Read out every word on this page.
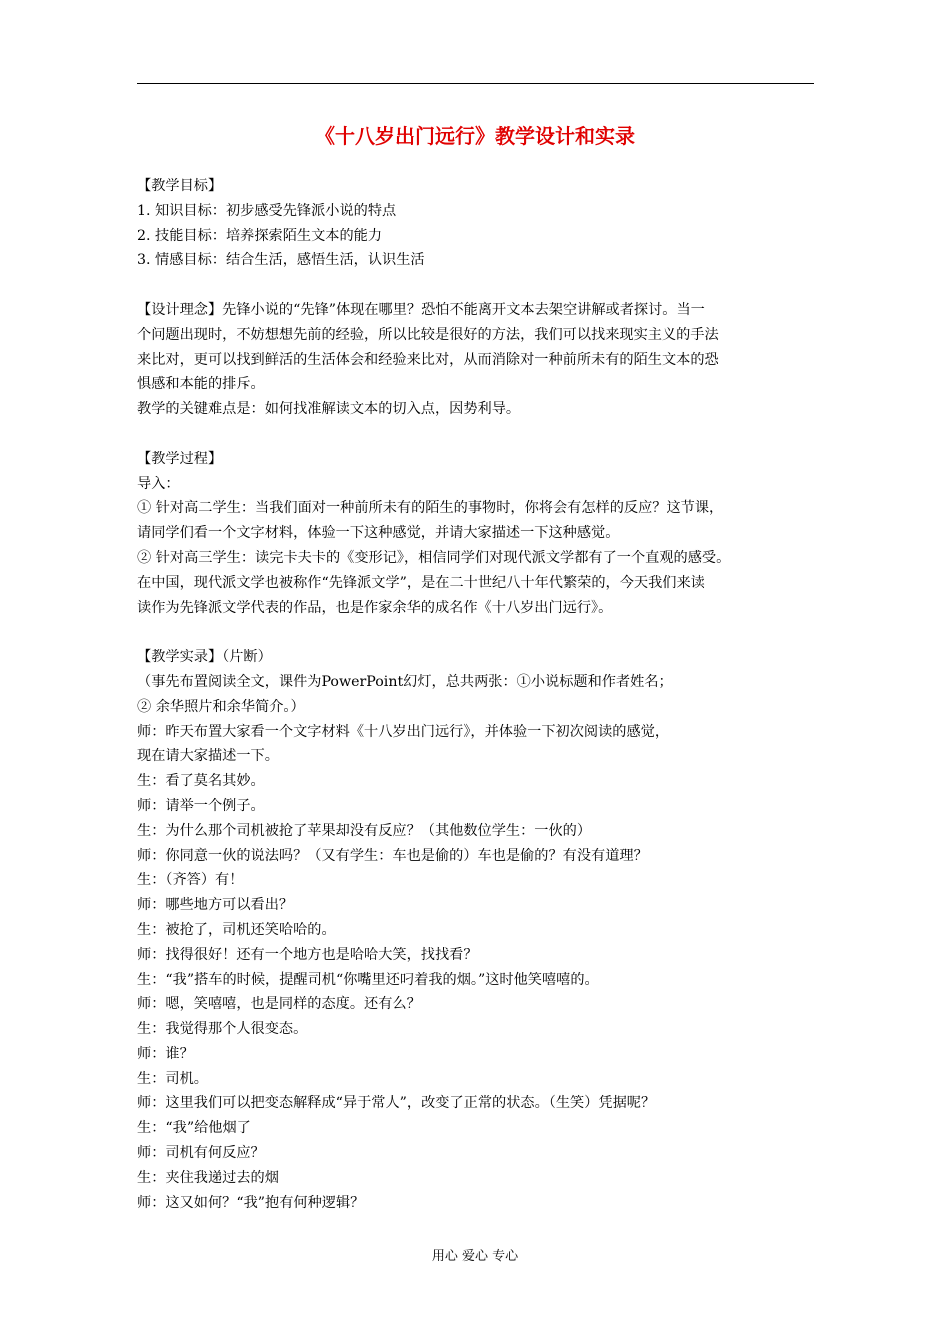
《十八岁出门远行》教学设计和实录
【教学目标】
1. 知识目标：初步感受先锋派小说的特点
2. 技能目标：培养探索陌生文本的能力
3. 情感目标：结合生活，感悟生活，认识生活
【设计理念】先锋小说的“先锋”体现在哪里？恐怕不能离开文本去架空讲解或者探讨。当一
个问题出现时，不妨想想先前的经验，所以比较是很好的方法，我们可以找来现实主义的手法
来比对，更可以找到鲜活的生活体会和经验来比对，从而消除对一种前所未有的陌生文本的恐
惧感和本能的排斥。
教学的关键难点是：如何找准解读文本的切入点，因势利导。
【教学过程】
导入：
① 针对高二学生：当我们面对一种前所未有的陌生的事物时，你将会有怎样的反应？这节课，
请同学们看一个文字材料，体验一下这种感觉，并请大家描述一下这种感觉。
② 针对高三学生：读完卡夫卡的《变形记》，相信同学们对现代派文学都有了一个直观的感受。
在中国，现代派文学也被称作“先锋派文学”，是在二十世纪八十年代繁荣的，今天我们来读
读作为先锋派文学代表的作品，也是作家余华的成名作《十八岁出门远行》。
【教学实录】（片断）
（事先布置阅读全文，课件为PowerPoint幻灯，总共两张：①小说标题和作者姓名；
② 余华照片和余华简介。）
师：昨天布置大家看一个文字材料《十八岁出门远行》，并体验一下初次阅读的感觉，
现在请大家描述一下。
生：看了莫名其妙。
师：请举一个例子。
生：为什么那个司机被抢了苹果却没有反应？（其他数位学生：一伙的）
师：你同意一伙的说法吗？（又有学生：车也是偷的）车也是偷的？有没有道理？
生：（齐答）有！
师：哪些地方可以看出？
生：被抢了，司机还笑哈哈的。
师：找得很好！还有一个地方也是哈哈大笑，找找看？
生：“我”搭车的时候，提醒司机“你嘴里还叼着我的烟。”这时他笑嘻嘻的。
师：嗯，笑嘻嘻，也是同样的态度。还有么？
生：我觉得那个人很变态。
师：谁？
生：司机。
师：这里我们可以把变态解释成“异于常人”，改变了正常的状态。（生笑）凭据呢？
生：“我”给他烟了
师：司机有何反应？
生：夹住我递过去的烟
师：这又如何？“我”抱有何种逻辑？
用心 爱心 专心
